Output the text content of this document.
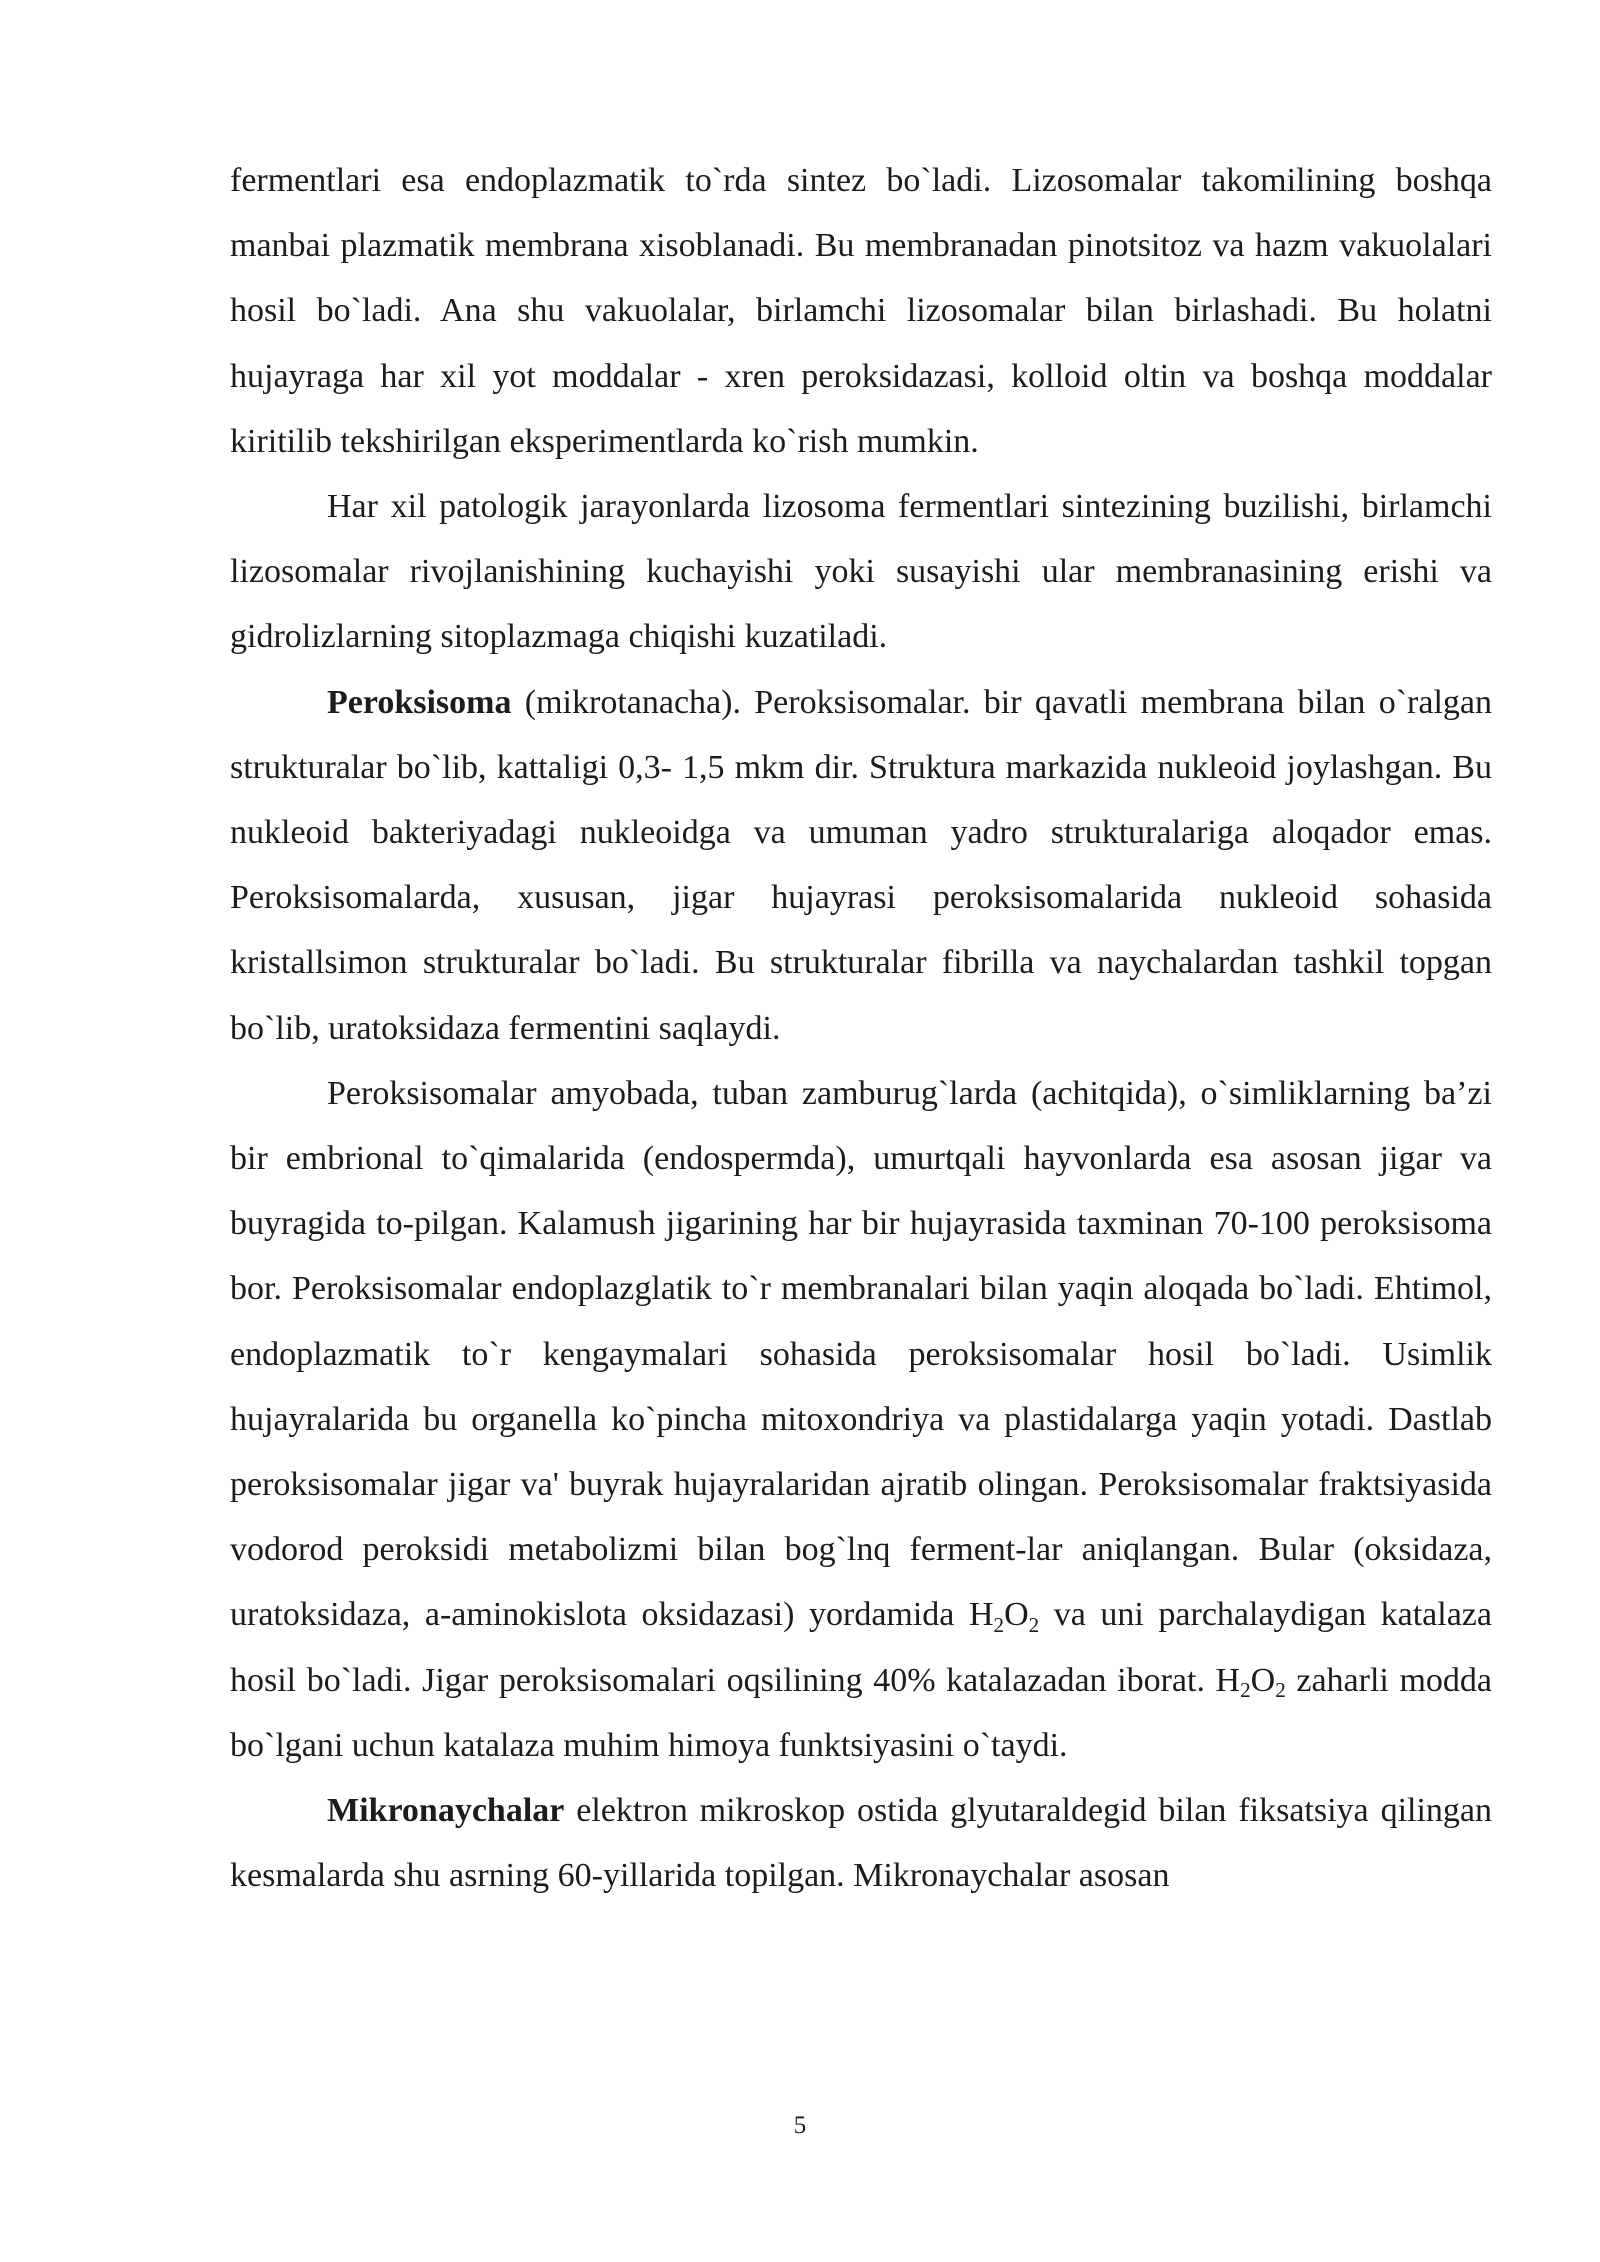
fermentlari esa endoplazmatik to`rda sintez bo`ladi. Lizosomalar takomilining boshqa manbai plazmatik membrana xisoblanadi. Bu membranadan pinotsitoz va hazm vakuolalari hosil bo`ladi. Ana shu vakuolalar, birlamchi lizosomalar bilan birlashadi. Bu holatni hujayraga har xil yot moddalar - xren peroksidazasi, kolloid oltin va boshqa moddalar kiritilib tekshirilgan eksperimentlarda ko`rish mumkin.

Har xil patologik jarayonlarda lizosoma fermentlari sintezining buzilishi, birlamchi lizosomalar rivojlanishining kuchayishi yoki susayishi ular membranasining erishi va gidrolizlarning sitoplazmaga chiqishi kuzatiladi.

Peroksisoma (mikrotanacha). Peroksisomalar. bir qavatli membrana bilan o`ralgan strukturalar bo`lib, kattaligi 0,3- 1,5 mkm dir. Struktura markazida nukleoid joylashgan. Bu nukleoid bakteriyadagi nukleoidga va umuman yadro strukturalariga aloqador emas. Peroksisomalarda, xususan, jigar hujayrasi peroksisomalarida nukleoid sohasida kristallsimon strukturalar bo`ladi. Bu strukturalar fibrilla va naychalardan tashkil topgan bo`lib, uratoksidaza fermentini saqlaydi.

Peroksisomalar amyobada, tuban zamburug`larda (achitqida), o`simliklarning ba’zi bir embrional to`qimalarida (endospermda), umurtqali hayvonlarda esa asosan jigar va buyragida to-pilgan. Kalamush jigarining har bir hujayrasida taxminan 70-100 peroksisoma bor. Peroksisomalar endoplazglatik to`r membranalari bilan yaqin aloqada bo`ladi. Ehtimol, endoplazmatik to`r kengaymalari sohasida peroksisomalar hosil bo`ladi. Usimlik hujayralarida bu organella ko`pincha mitoxondriya va plastidalarga yaqin yotadi. Dastlab peroksisomalar jigar va' buyrak hujayralaridan ajratib olingan. Peroksisomalar fraktsiyasida vodorod peroksidi metabolizmi bilan bog`lnq ferment-lar aniqlangan. Bular (oksidaza, uratoksidaza, a-aminokislota oksidazasi) yordamida $H_2O_2$ va uni parchalaydigan katalaza hosil bo`ladi. Jigar peroksisomalari oqsilining 40% katalazadan iborat. $H_2O_2$ zaharli modda bo`lgani uchun katalaza muhim himoya funktsiyasini o`taydi.

Mikronaychalar elektron mikroskop ostida glyutaraldegid bilan fiksatsiya qilingan kesmalarda shu asrning 60-yillarida topilgan. Mikronaychalar asosan

5
